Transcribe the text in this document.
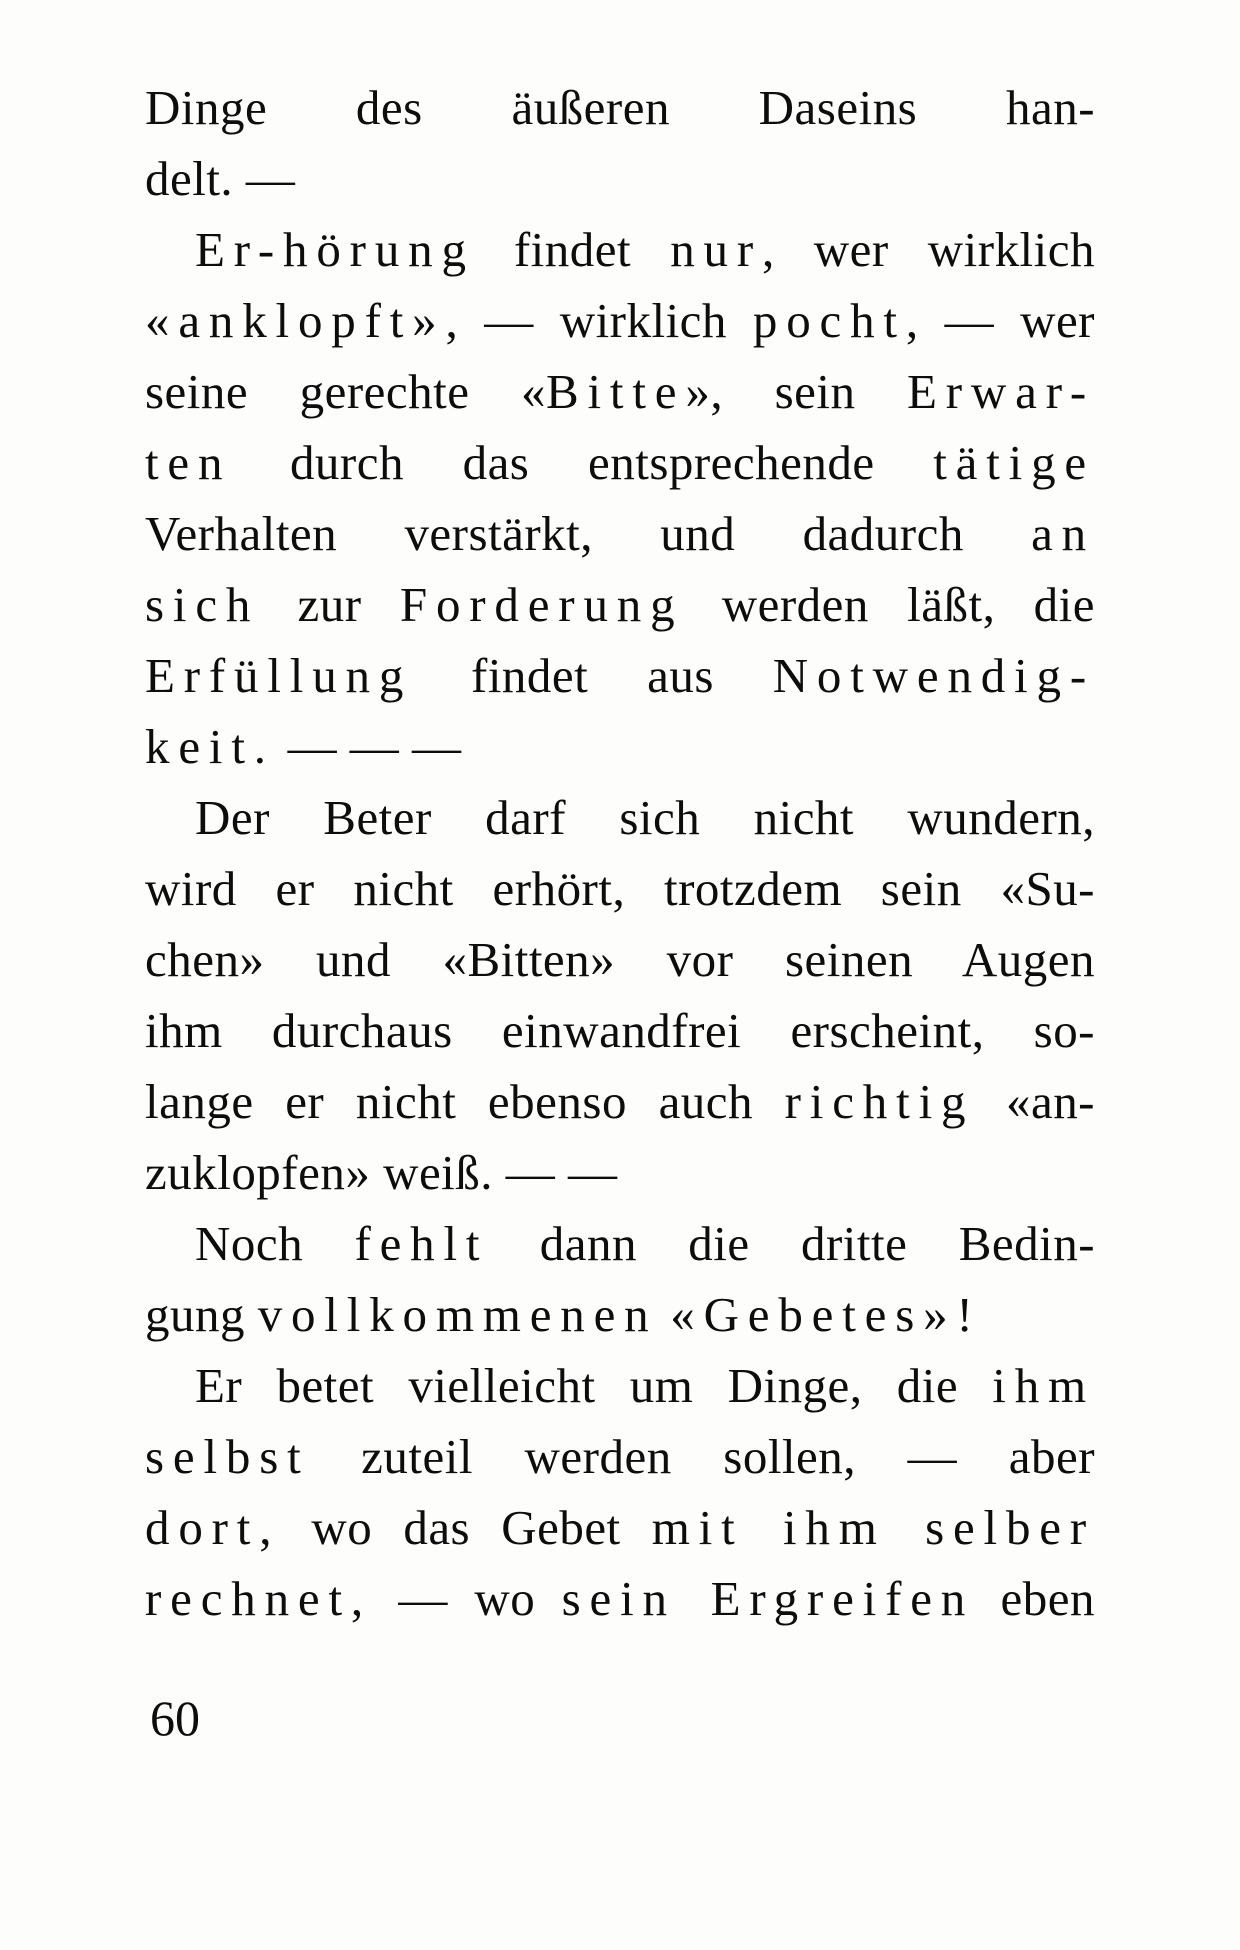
Dinge des äußeren Daseins han-
delt. —
Er-hörung findet nur, wer wirklich
«anklopft», — wirklich pocht, — wer
seine gerechte «Bitte», sein Erwar-
ten durch das entsprechende tätige
Verhalten verstärkt, und dadurch an
sich zur Forderung werden läßt, die
Erfüllung findet aus Notwendig-
keit. — — —
Der Beter darf sich nicht wundern,
wird er nicht erhört, trotzdem sein «Su-
chen» und «Bitten» vor seinen Augen
ihm durchaus einwandfrei erscheint, so-
lange er nicht ebenso auch richtig «an-
zuklopfen» weiß. — —
Noch fehlt dann die dritte Bedin-
gung vollkommenen «Gebetes»!
Er betet vielleicht um Dinge, die ihm
selbst zuteil werden sollen, — aber
dort, wo das Gebet mit ihm selber
rechnet, — wo sein Ergreifen eben
60
